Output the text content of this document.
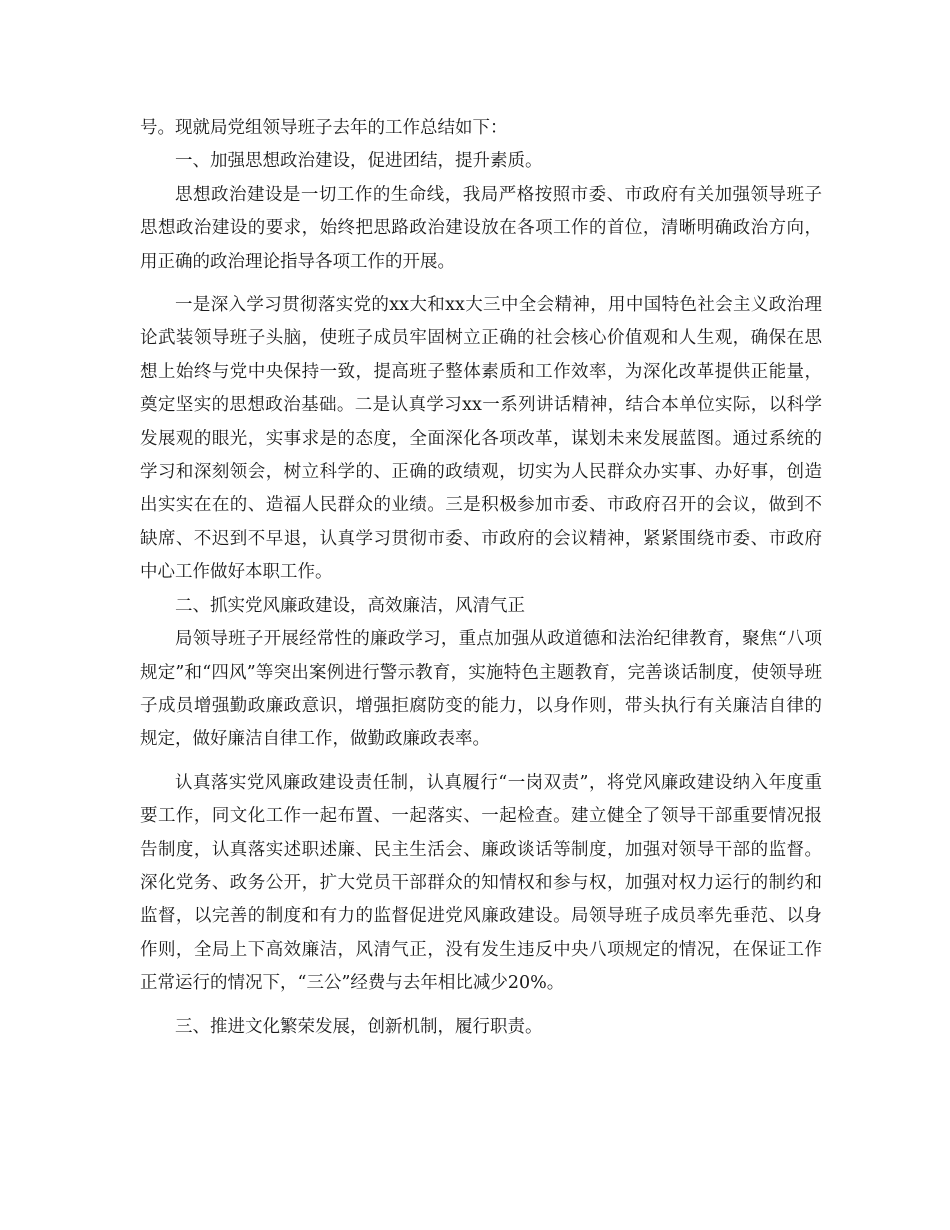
号。现就局党组领导班子去年的工作总结如下：

一、加强思想政治建设，促进团结，提升素质。

思想政治建设是一切工作的生命线，我局严格按照市委、市政府有关加强领导班子思想政治建设的要求，始终把思路政治建设放在各项工作的首位，清晰明确政治方向，用正确的政治理论指导各项工作的开展。

一是深入学习贯彻落实党的xx大和xx大三中全会精神，用中国特色社会主义政治理论武装领导班子头脑，使班子成员牢固树立正确的社会核心价值观和人生观，确保在思想上始终与党中央保持一致，提高班子整体素质和工作效率，为深化改革提供正能量，奠定坚实的思想政治基础。二是认真学习xx一系列讲话精神，结合本单位实际，以科学发展观的眼光，实事求是的态度，全面深化各项改革，谋划未来发展蓝图。通过系统的学习和深刻领会，树立科学的、正确的政绩观，切实为人民群众办实事、办好事，创造出实实在在的、造福人民群众的业绩。三是积极参加市委、市政府召开的会议，做到不缺席、不迟到不早退，认真学习贯彻市委、市政府的会议精神，紧紧围绕市委、市政府中心工作做好本职工作。

二、抓实党风廉政建设，高效廉洁，风清气正

局领导班子开展经常性的廉政学习，重点加强从政道德和法治纪律教育，聚焦“八项规定”和“四风”等突出案例进行警示教育，实施特色主题教育，完善谈话制度，使领导班子成员增强勤政廉政意识，增强拒腐防变的能力，以身作则，带头执行有关廉洁自律的规定，做好廉洁自律工作，做勤政廉政表率。

认真落实党风廉政建设责任制，认真履行“一岗双责”，将党风廉政建设纳入年度重要工作，同文化工作一起布置、一起落实、一起检查。建立健全了领导干部重要情况报告制度，认真落实述职述廉、民主生活会、廉政谈话等制度，加强对领导干部的监督。深化党务、政务公开，扩大党员干部群众的知情权和参与权，加强对权力运行的制约和监督，以完善的制度和有力的监督促进党风廉政建设。局领导班子成员率先垂范、以身作则，全局上下高效廉洁，风清气正，没有发生违反中央八项规定的情况，在保证工作正常运行的情况下，“三公”经费与去年相比减少20%。

三、推进文化繁荣发展，创新机制，履行职责。
